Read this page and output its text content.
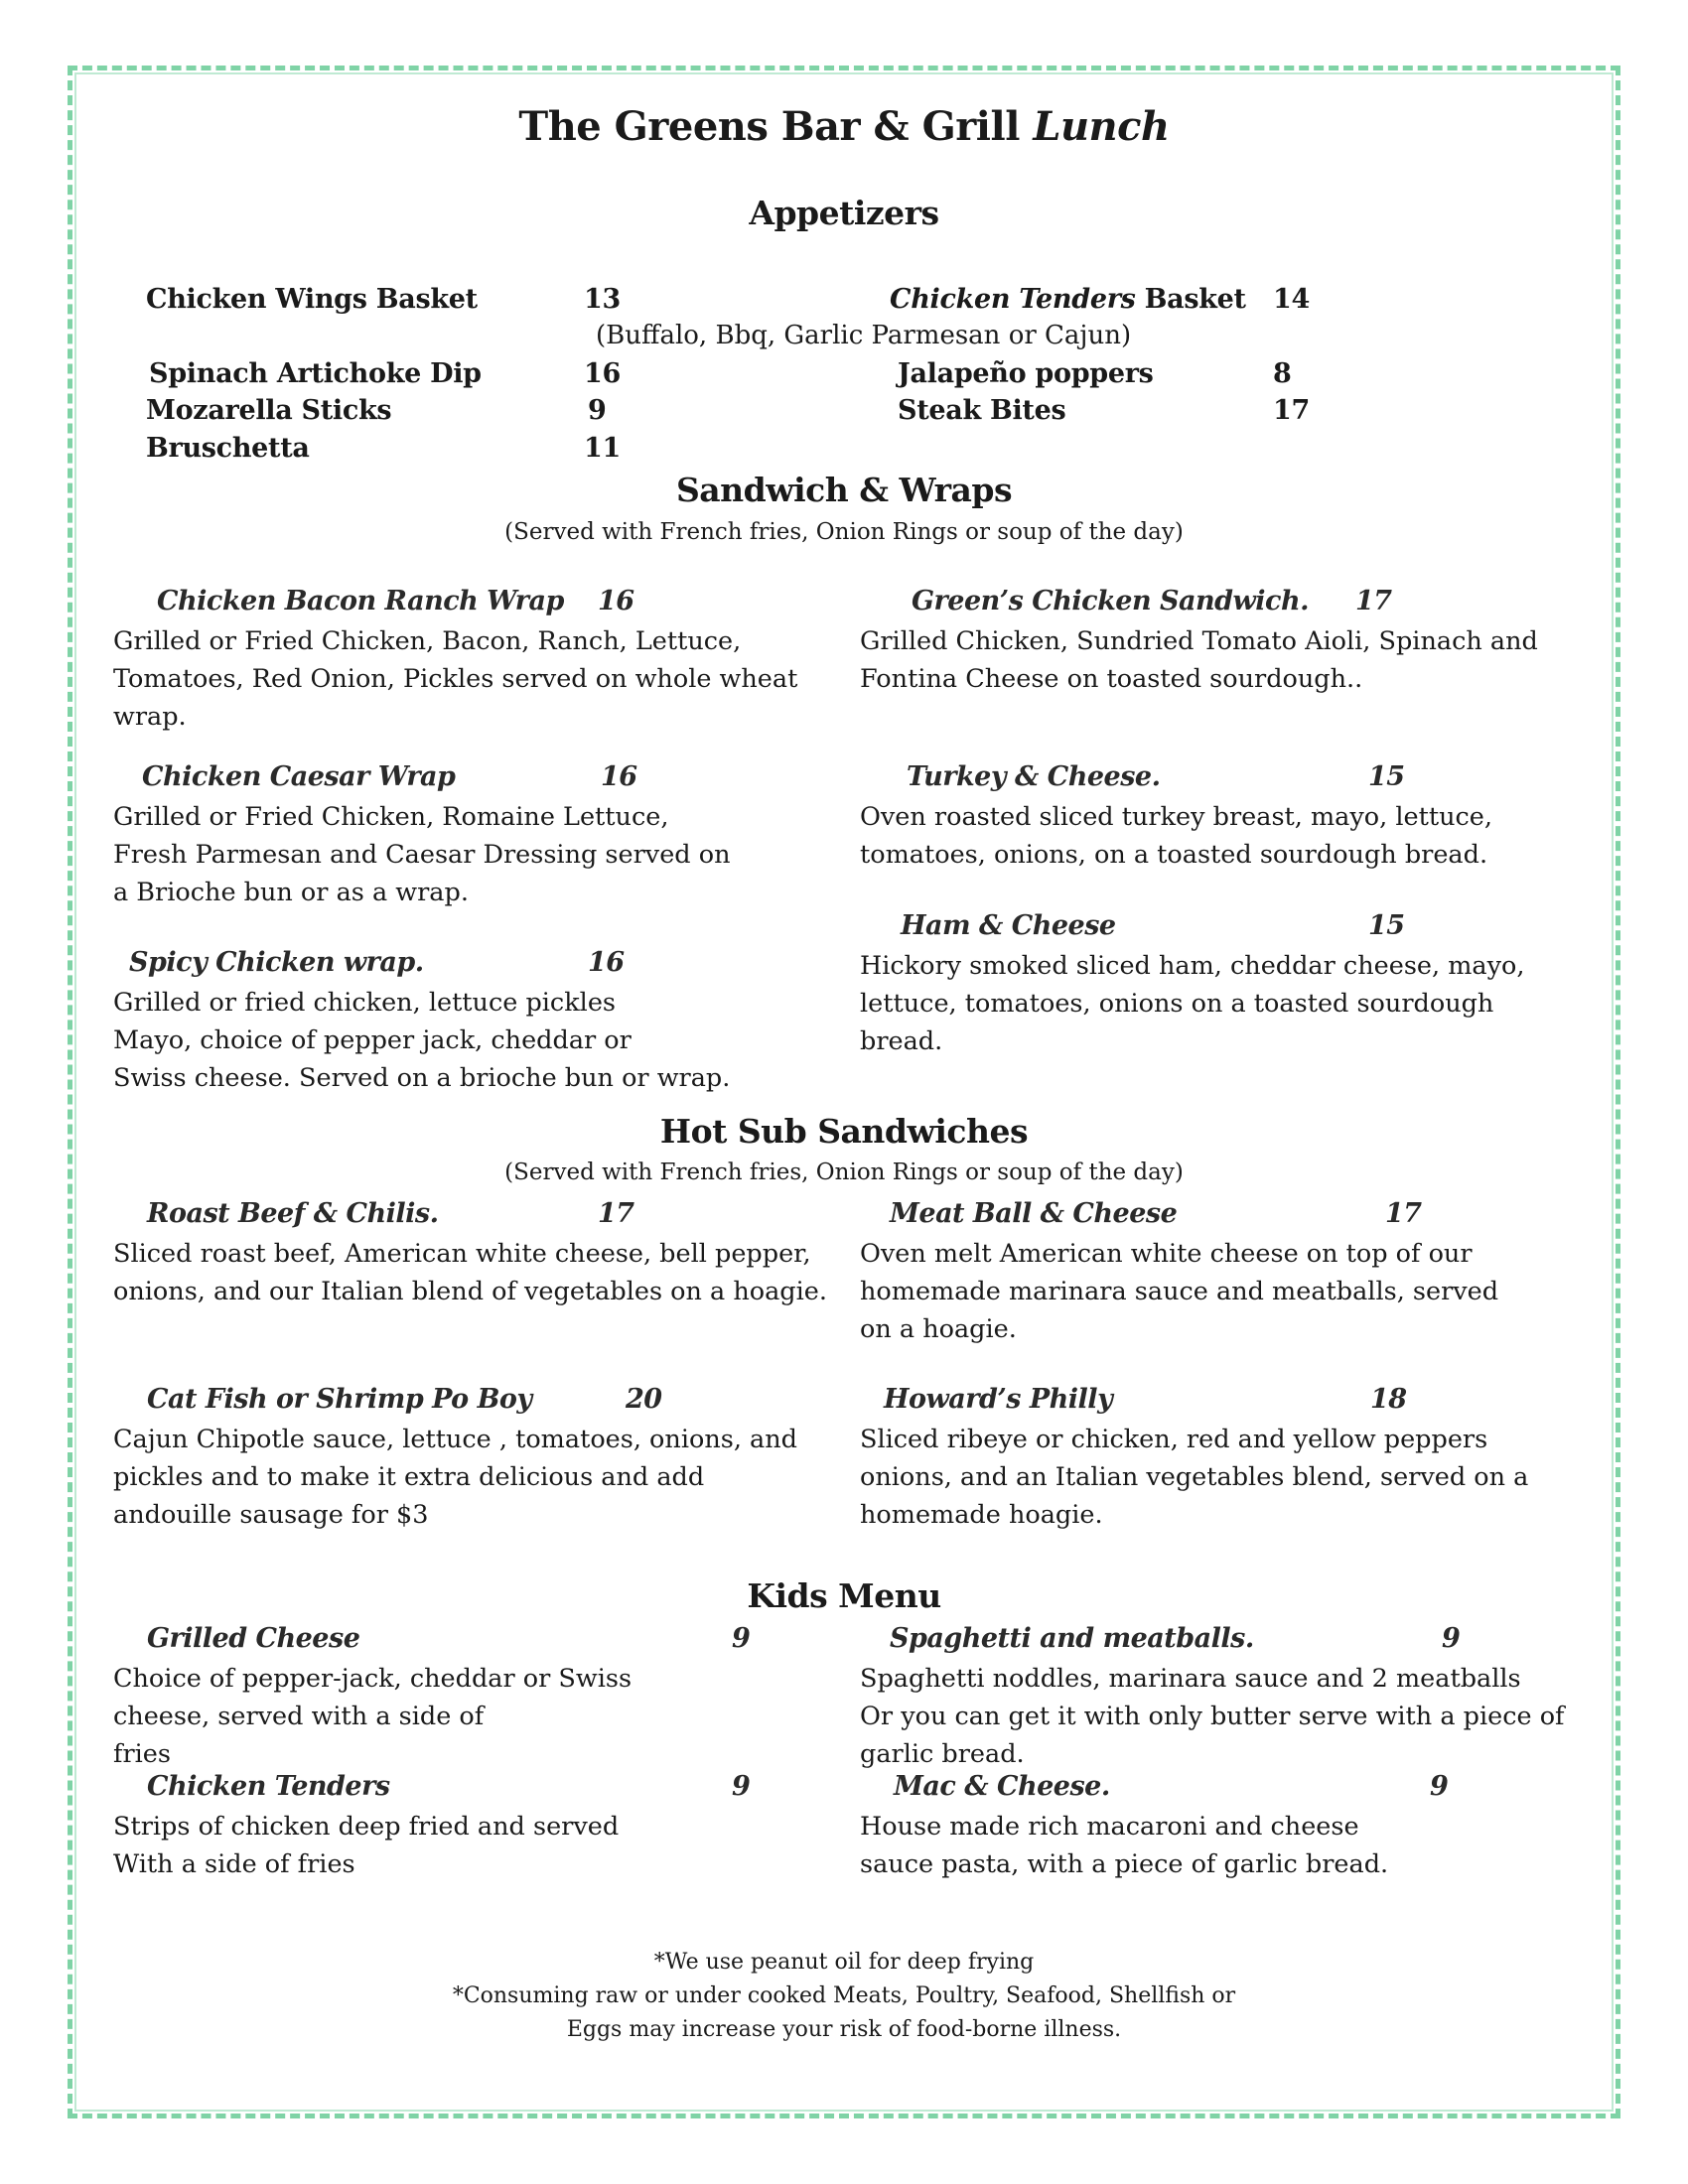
The Greens Bar & Grill Lunch
Appetizers
Chicken Wings Basket	13	Chicken Tenders Basket 14
(Buffalo, Bbq, Garlic Parmesan or Cajun)
Spinach Artichoke Dip	16	Jalapeño poppers	8
Mozarella Sticks	9	Steak Bites	17
Bruschetta	11
Sandwich & Wraps
(Served with French fries, Onion Rings or soup of the day)
Chicken Bacon Ranch Wrap 16
Grilled or Fried Chicken, Bacon, Ranch, Lettuce, Tomatoes, Red Onion, Pickles served on whole wheat wrap.
Green’s Chicken Sandwich. 17
Grilled Chicken, Sundried Tomato Aioli, Spinach and Fontina Cheese on toasted sourdough..
Chicken Caesar Wrap	16
Grilled or Fried Chicken, Romaine Lettuce, Fresh Parmesan and Caesar Dressing served on a Brioche bun or as a wrap.
Turkey & Cheese.	15
Oven roasted sliced turkey breast, mayo, lettuce, tomatoes, onions, on a toasted sourdough bread.
Spicy Chicken wrap.	16
Grilled or fried chicken, lettuce pickles
Mayo, choice of pepper jack, cheddar or
Swiss cheese. Served on a brioche bun or wrap.
Ham & Cheese	15
Hickory smoked sliced ham, cheddar cheese, mayo, lettuce, tomatoes, onions on a toasted sourdough bread.
Hot Sub Sandwiches
(Served with French fries, Onion Rings or soup of the day)
Roast Beef & Chilis.	17
Sliced roast beef, American white cheese, bell pepper, onions, and our Italian blend of vegetables on a hoagie.
Meat Ball & Cheese	17
Oven melt American white cheese on top of our homemade marinara sauce and meatballs, served on a hoagie.
Cat Fish or Shrimp Po Boy	20
Cajun Chipotle sauce, lettuce , tomatoes, onions, and pickles and to make it extra delicious and add andouille sausage for $3
Howard’s Philly	18
Sliced ribeye or chicken, red and yellow peppers onions, and an Italian vegetables blend, served on a homemade hoagie.
Kids Menu
Grilled Cheese	9
Choice of pepper-jack, cheddar or Swiss
cheese, served with a side of
fries
Spaghetti and meatballs.	9
Spaghetti noddles, marinara sauce and 2 meatballs
Or you can get it with only butter serve with a piece of
garlic bread.
Chicken Tenders	9
Strips of chicken deep fried and served
With a side of fries
Mac & Cheese.	9
House made rich macaroni and cheese
sauce pasta, with a piece of garlic bread.
*We use peanut oil for deep frying
*Consuming raw or under cooked Meats, Poultry, Seafood, Shellfish or
Eggs may increase your risk of food-borne illness.
